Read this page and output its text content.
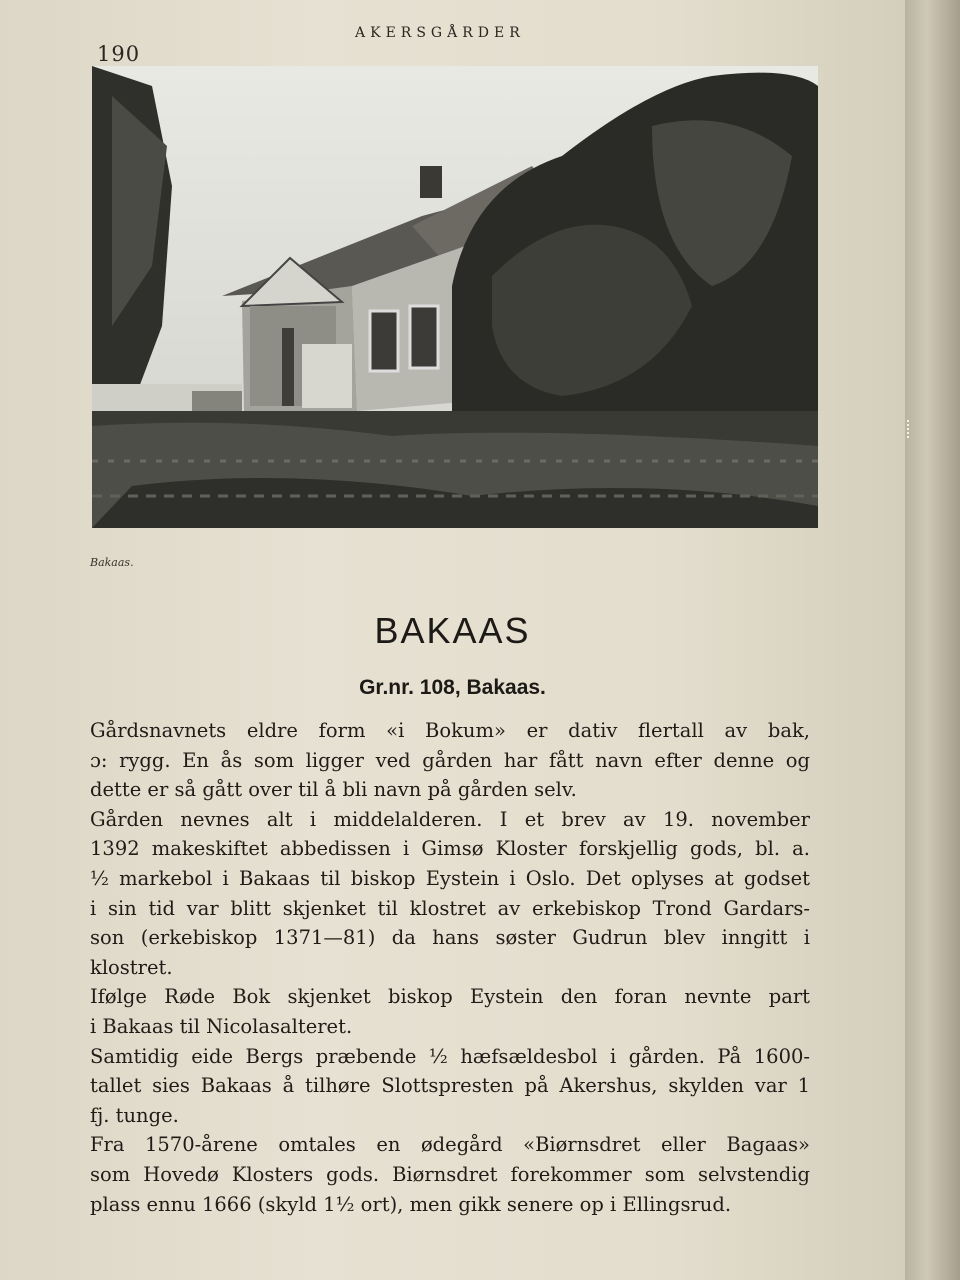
190
AKERSGÅRDER
Bakaas.
BAKAAS
Gr.nr. 108, Bakaas.
Gårdsnavnets eldre form «i Bokum» er dativ flertall av bak,
ɔ: rygg. En ås som ligger ved gården har fått navn efter denne og
dette er så gått over til å bli navn på gården selv.
Gården nevnes alt i middelalderen. I et brev av 19. november
1392 makeskiftet abbedissen i Gimsø Kloster forskjellig gods, bl. a.
½ markebol i Bakaas til biskop Eystein i Oslo. Det oplyses at godset
i sin tid var blitt skjenket til klostret av erkebiskop Trond Gardars-
son (erkebiskop 1371—81) da hans søster Gudrun blev inngitt i
klostret.
Ifølge Røde Bok skjenket biskop Eystein den foran nevnte part
i Bakaas til Nicolasalteret.
Samtidig eide Bergs præbende ½ hæfsældesbol i gården. På 1600-
tallet sies Bakaas å tilhøre Slottspresten på Akershus, skylden var 1
fj. tunge.
Fra 1570-årene omtales en ødegård «Biørnsdret eller Bagaas»
som Hovedø Klosters gods. Biørnsdret forekommer som selvstendig
plass ennu 1666 (skyld 1½ ort), men gikk senere op i Ellingsrud.
